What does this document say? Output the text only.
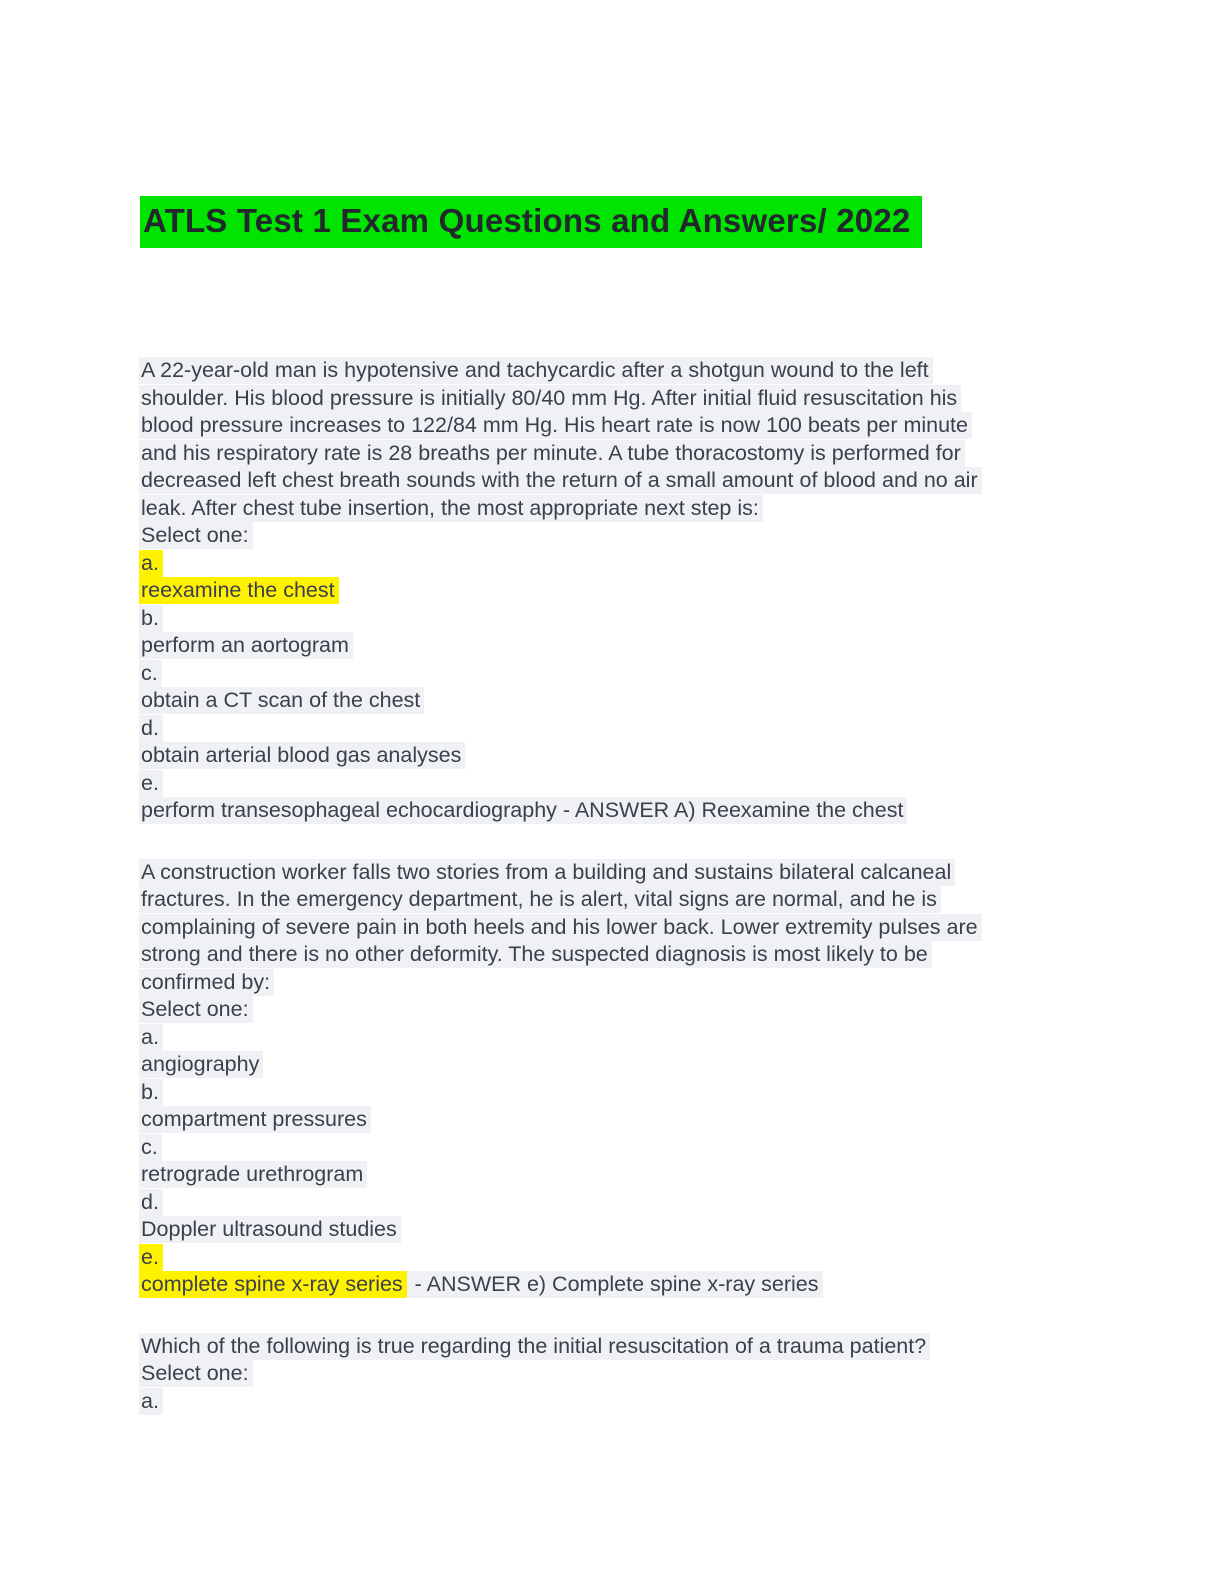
ATLS Test 1 Exam Questions and Answers/ 2022
A 22-year-old man is hypotensive and tachycardic after a shotgun wound to the left
shoulder. His blood pressure is initially 80/40 mm Hg. After initial fluid resuscitation his
blood pressure increases to 122/84 mm Hg. His heart rate is now 100 beats per minute
and his respiratory rate is 28 breaths per minute. A tube thoracostomy is performed for
decreased left chest breath sounds with the return of a small amount of blood and no air
leak. After chest tube insertion, the most appropriate next step is:
Select one:
a.
reexamine the chest
b.
perform an aortogram
c.
obtain a CT scan of the chest
d.
obtain arterial blood gas analyses
e.
perform transesophageal echocardiography - ANSWER A) Reexamine the chest
A construction worker falls two stories from a building and sustains bilateral calcaneal
fractures. In the emergency department, he is alert, vital signs are normal, and he is
complaining of severe pain in both heels and his lower back. Lower extremity pulses are
strong and there is no other deformity. The suspected diagnosis is most likely to be
confirmed by:
Select one:
a.
angiography
b.
compartment pressures
c.
retrograde urethrogram
d.
Doppler ultrasound studies
e.
complete spine x-ray series - ANSWER e) Complete spine x-ray series
Which of the following is true regarding the initial resuscitation of a trauma patient?
Select one:
a.
